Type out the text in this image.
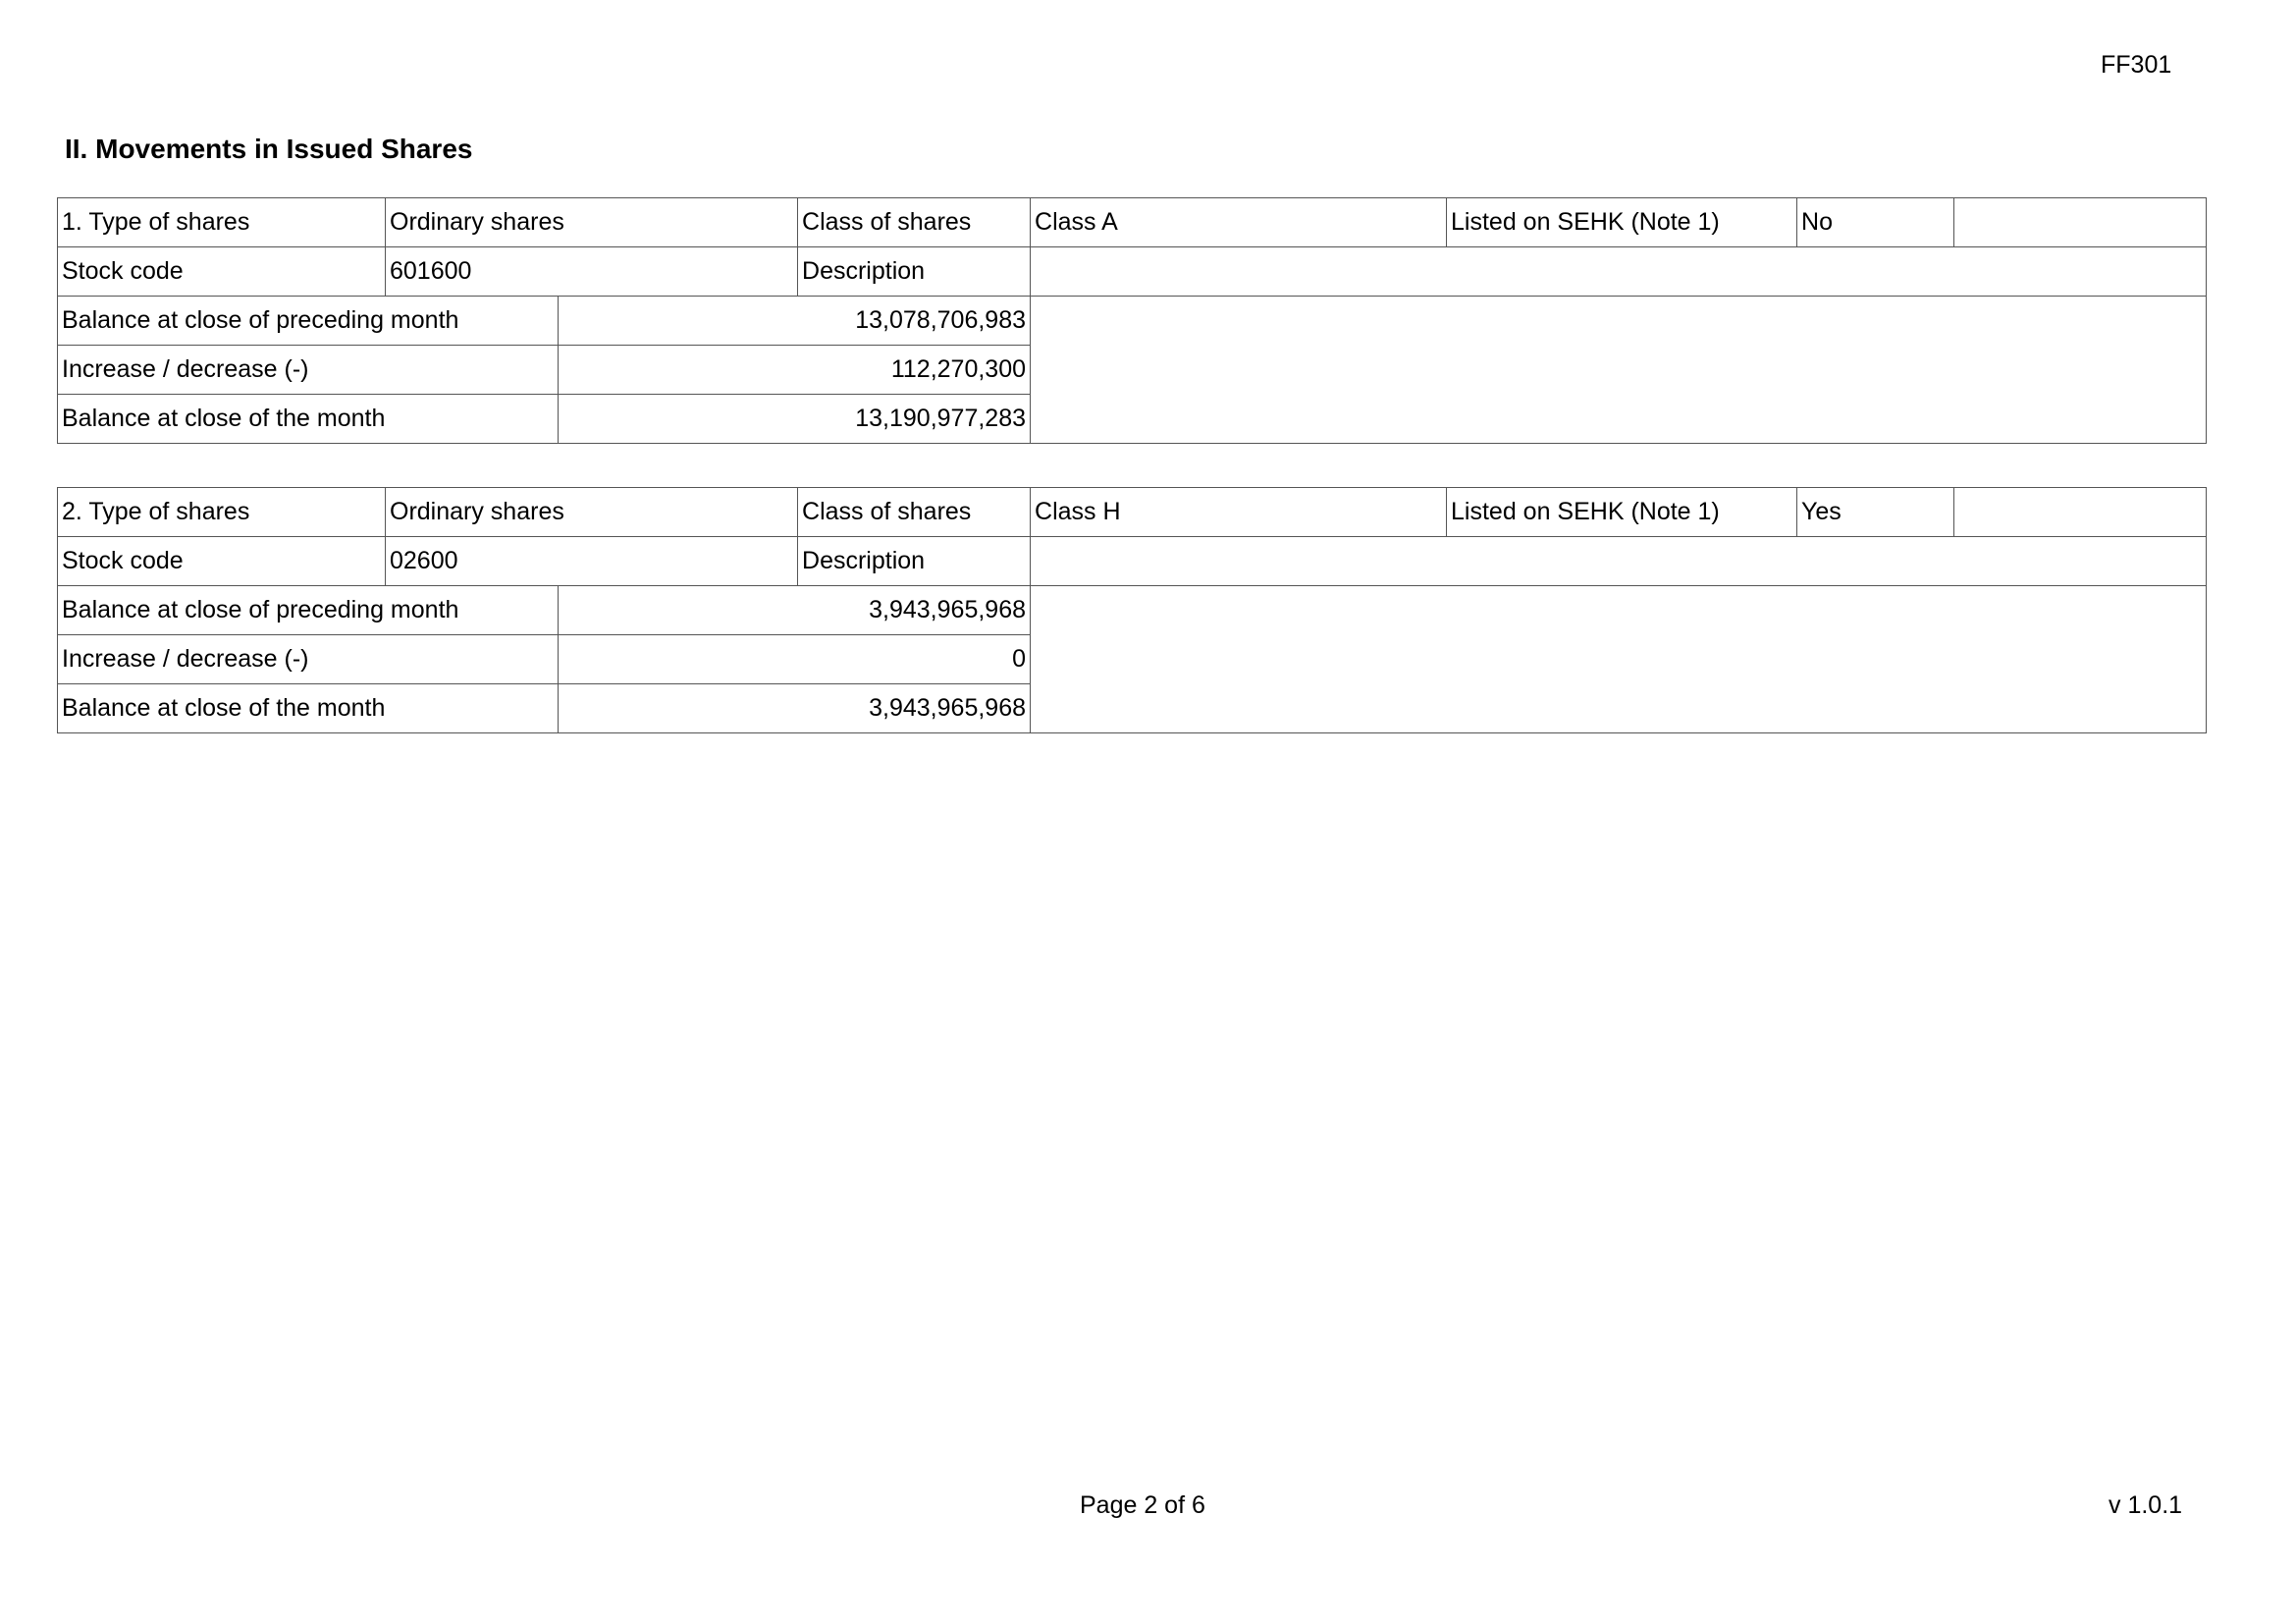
FF301
II. Movements in Issued Shares
1. Type of shares	Ordinary shares		Class of shares	Class A	Listed on SEHK (Note 1)	No	
Stock code	601600		Description				
Balance at close of preceding month		13,078,706,983					
Increase / decrease (-)		112,270,300					
Balance at close of the month		13,190,977,283					
2. Type of shares	Ordinary shares		Class of shares	Class H	Listed on SEHK (Note 1)	Yes	
Stock code	02600		Description				
Balance at close of preceding month		3,943,965,968					
Increase / decrease (-)		0					
Balance at close of the month		3,943,965,968					
Page 2 of 6	v 1.0.1
